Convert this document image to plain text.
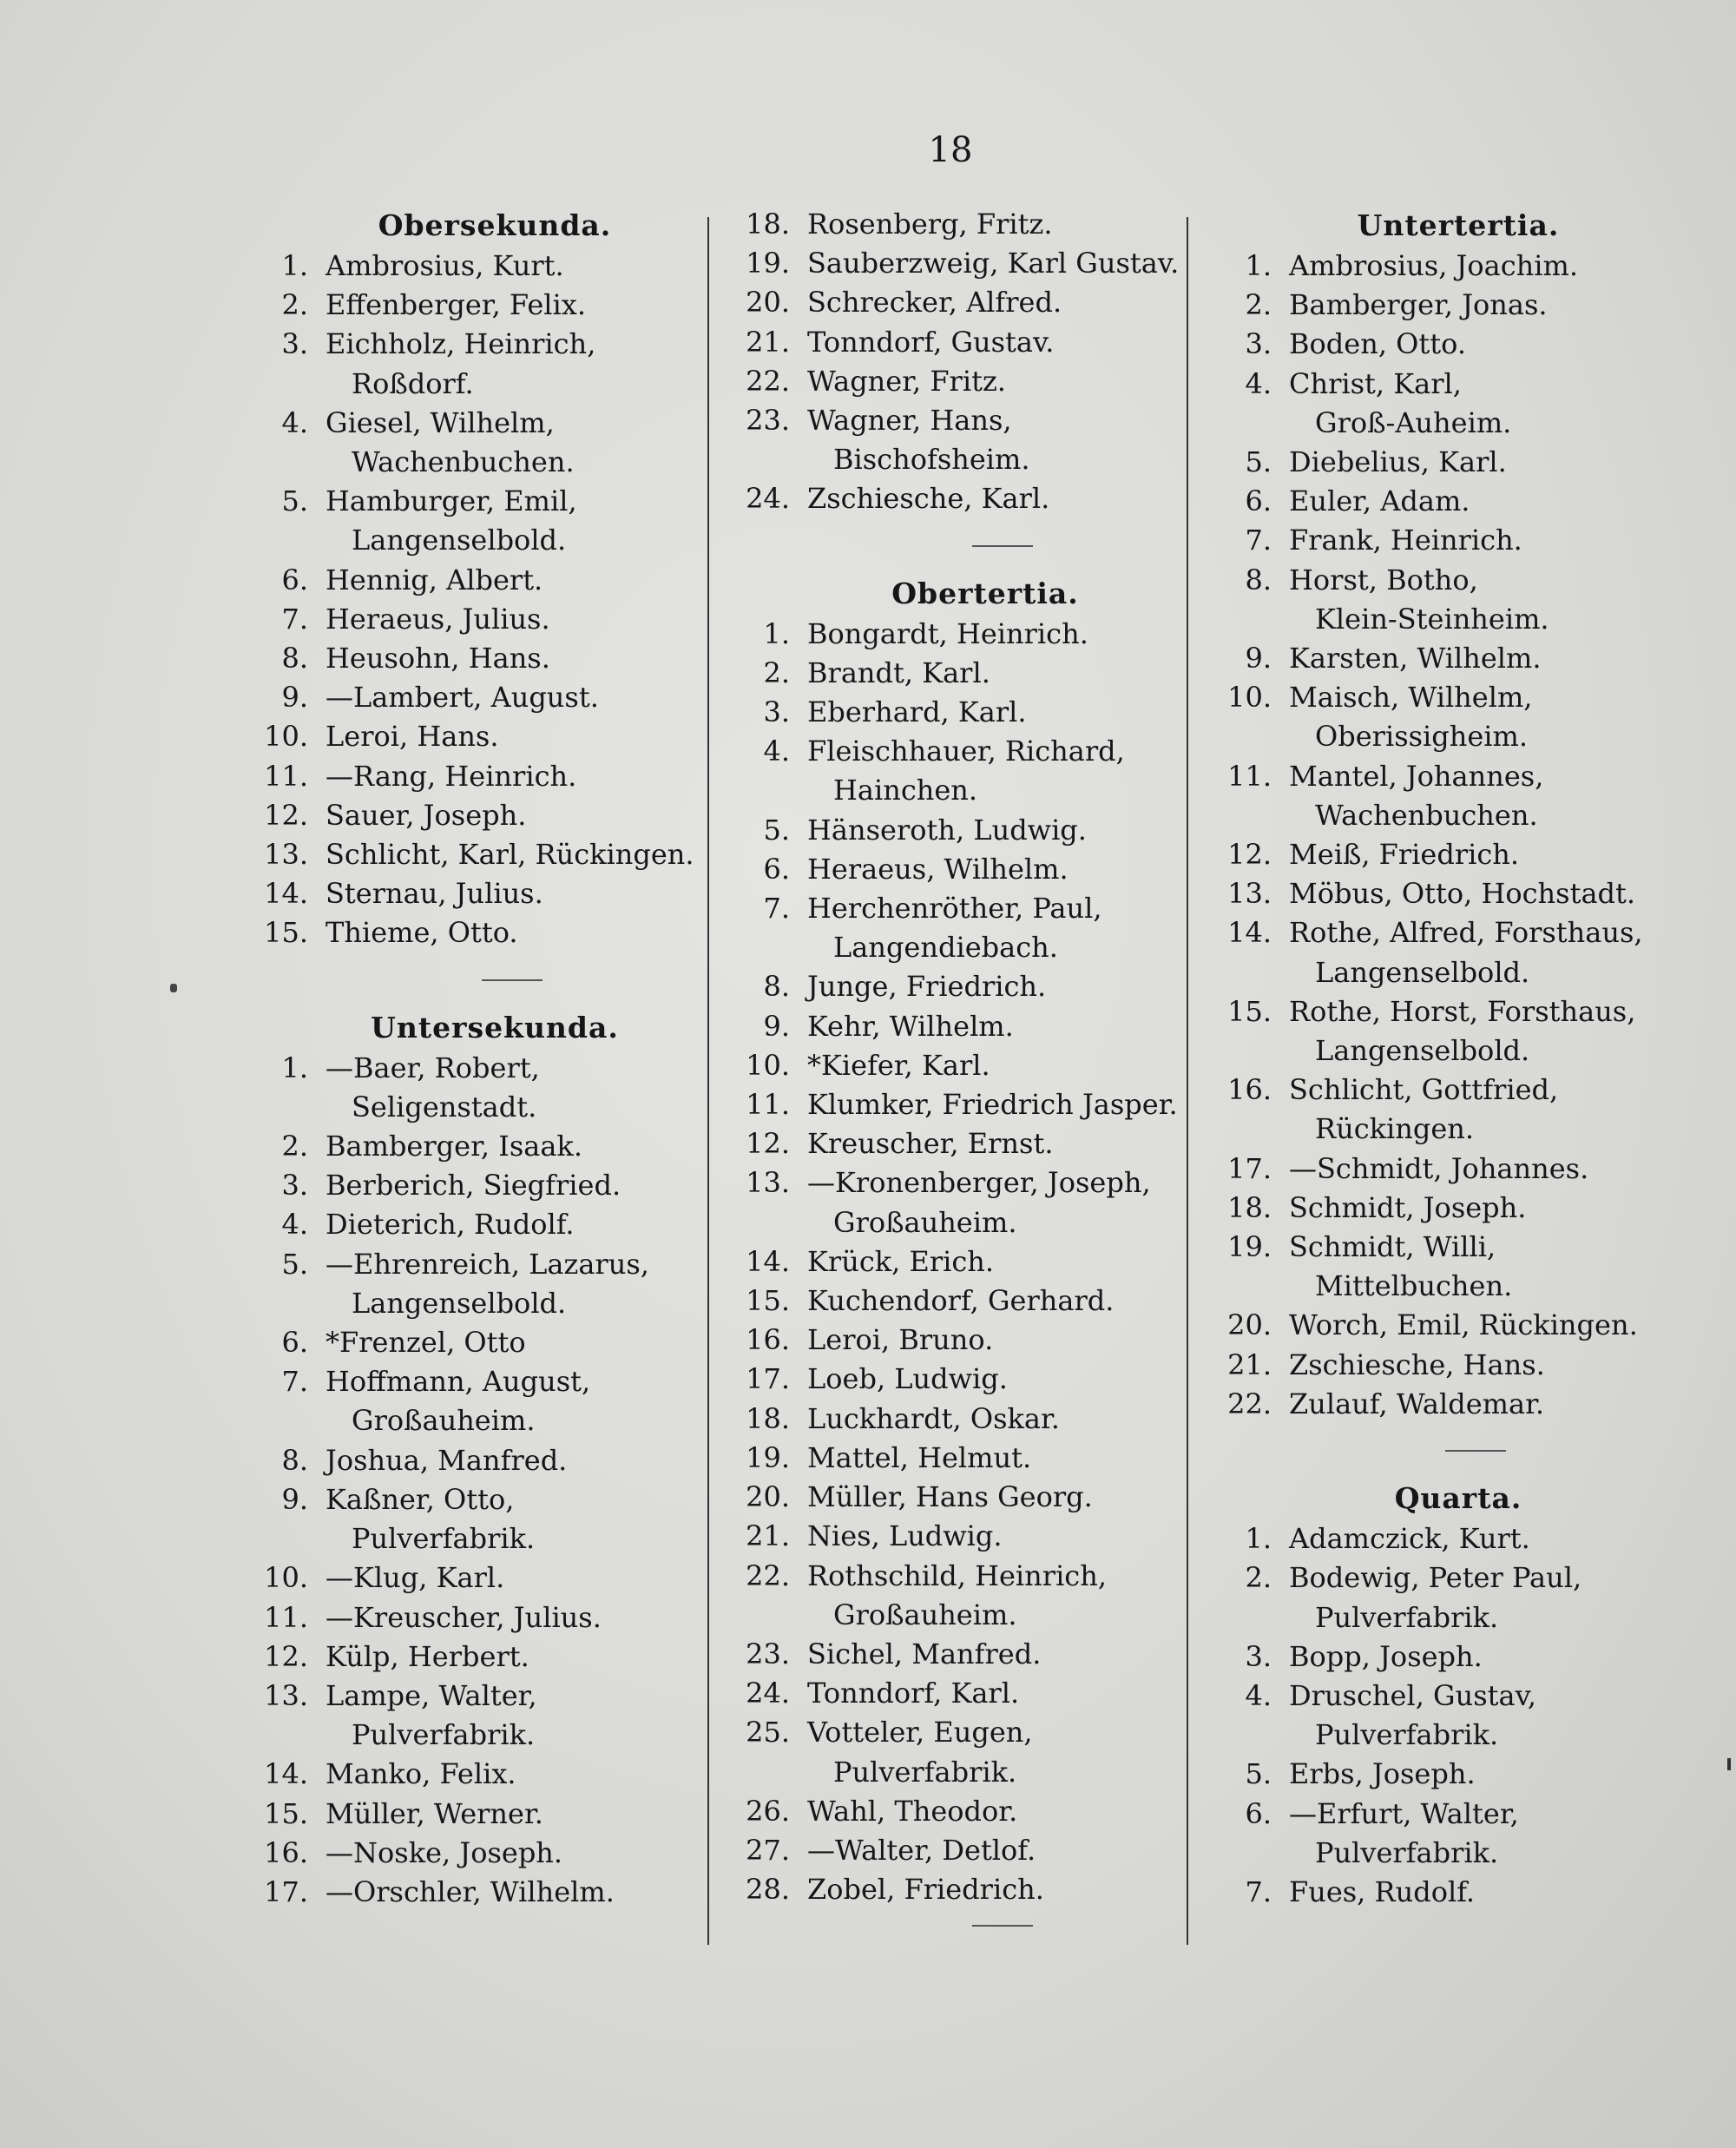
18
Obersekunda.
1. Ambrosius, Kurt.
2. Effenberger, Felix.
3. Eichholz, Heinrich,
Roßdorf.
4. Giesel, Wilhelm,
Wachenbuchen.
5. Hamburger, Emil,
Langenselbold.
6. Hennig, Albert.
7. Heraeus, Julius.
8. Heusohn, Hans.
9. —Lambert, August.
10. Leroi, Hans.
11. —Rang, Heinrich.
12. Sauer, Joseph.
13. Schlicht, Karl, Rückingen.
14. Sternau, Julius.
15. Thieme, Otto.
Untersekunda.
1. —Baer, Robert,
Seligenstadt.
2. Bamberger, Isaak.
3. Berberich, Siegfried.
4. Dieterich, Rudolf.
5. —Ehrenreich, Lazarus,
Langenselbold.
6. *Frenzel, Otto
7. Hoffmann, August,
Großauheim.
8. Joshua, Manfred.
9. Kaßner, Otto,
Pulverfabrik.
10. —Klug, Karl.
11. —Kreuscher, Julius.
12. Külp, Herbert.
13. Lampe, Walter,
Pulverfabrik.
14. Manko, Felix.
15. Müller, Werner.
16. —Noske, Joseph.
17. —Orschler, Wilhelm.
18. Rosenberg, Fritz.
19. Sauberzweig, Karl Gustav.
20. Schrecker, Alfred.
21. Tonndorf, Gustav.
22. Wagner, Fritz.
23. Wagner, Hans,
Bischofsheim.
24. Zschiesche, Karl.
Obertertia.
1. Bongardt, Heinrich.
2. Brandt, Karl.
3. Eberhard, Karl.
4. Fleischhauer, Richard,
Hainchen.
5. Hänseroth, Ludwig.
6. Heraeus, Wilhelm.
7. Herchenröther, Paul,
Langendiebach.
8. Junge, Friedrich.
9. Kehr, Wilhelm.
10. *Kiefer, Karl.
11. Klumker, Friedrich Jasper.
12. Kreuscher, Ernst.
13. —Kronenberger, Joseph,
Großauheim.
14. Krück, Erich.
15. Kuchendorf, Gerhard.
16. Leroi, Bruno.
17. Loeb, Ludwig.
18. Luckhardt, Oskar.
19. Mattel, Helmut.
20. Müller, Hans Georg.
21. Nies, Ludwig.
22. Rothschild, Heinrich,
Großauheim.
23. Sichel, Manfred.
24. Tonndorf, Karl.
25. Votteler, Eugen,
Pulverfabrik.
26. Wahl, Theodor.
27. —Walter, Detlof.
28. Zobel, Friedrich.
Untertertia.
1. Ambrosius, Joachim.
2. Bamberger, Jonas.
3. Boden, Otto.
4. Christ, Karl,
Groß-Auheim.
5. Diebelius, Karl.
6. Euler, Adam.
7. Frank, Heinrich.
8. Horst, Botho,
Klein-Steinheim.
9. Karsten, Wilhelm.
10. Maisch, Wilhelm,
Oberissigheim.
11. Mantel, Johannes,
Wachenbuchen.
12. Meiß, Friedrich.
13. Möbus, Otto, Hochstadt.
14. Rothe, Alfred, Forsthaus,
Langenselbold.
15. Rothe, Horst, Forsthaus,
Langenselbold.
16. Schlicht, Gottfried,
Rückingen.
17. —Schmidt, Johannes.
18. Schmidt, Joseph.
19. Schmidt, Willi,
Mittelbuchen.
20. Worch, Emil, Rückingen.
21. Zschiesche, Hans.
22. Zulauf, Waldemar.
Quarta.
1. Adamczick, Kurt.
2. Bodewig, Peter Paul,
Pulverfabrik.
3. Bopp, Joseph.
4. Druschel, Gustav,
Pulverfabrik.
5. Erbs, Joseph.
6. —Erfurt, Walter,
Pulverfabrik.
7. Fues, Rudolf.
